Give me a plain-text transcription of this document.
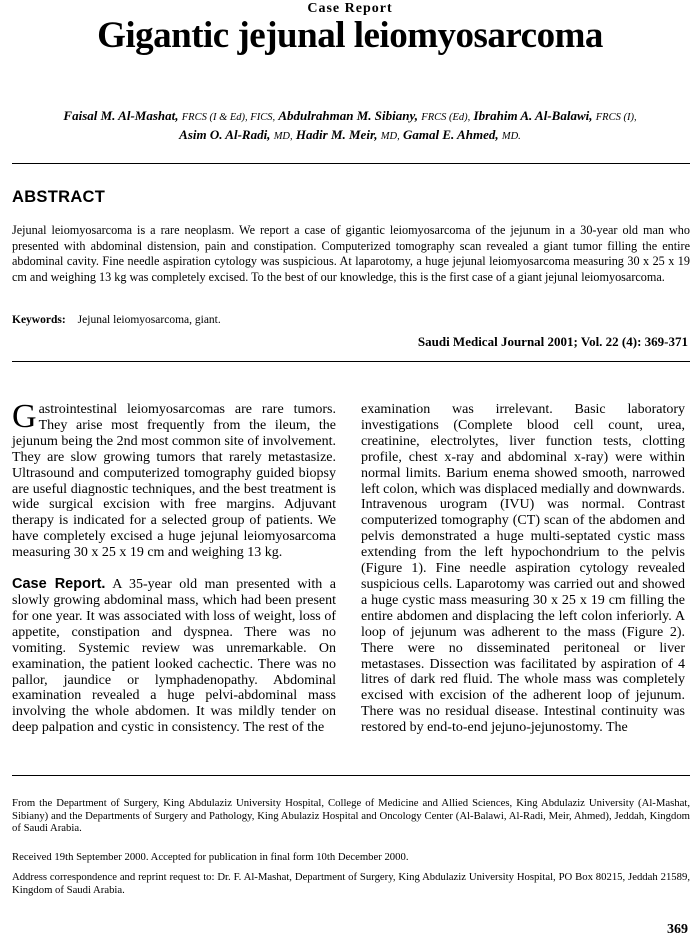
Case Report
Gigantic jejunal leiomyosarcoma
Faisal M. Al-Mashat, FRCS (I & Ed), FICS, Abdulrahman M. Sibiany, FRCS (Ed), Ibrahim A. Al-Balawi, FRCS (I),
Asim O. Al-Radi, MD, Hadir M. Meir, MD, Gamal E. Ahmed, MD.
ABSTRACT
Jejunal leiomyosarcoma is a rare neoplasm. We report a case of gigantic leiomyosarcoma of the jejunum in a 30-year old man who presented with abdominal distension, pain and constipation. Computerized tomography scan revealed a giant tumor filling the entire abdominal cavity. Fine needle aspiration cytology was suspicious. At laparotomy, a huge jejunal leiomyosarcoma measuring 30 x 25 x 19 cm and weighing 13 kg was completely excised. To the best of our knowledge, this is the first case of a giant jejunal leiomyosarcoma.
Keywords: Jejunal leiomyosarcoma, giant.
Saudi Medical Journal 2001; Vol. 22 (4): 369-371

Gastrointestinal leiomyosarcomas are rare tumors. They arise most frequently from the ileum, the jejunum being the 2nd most common site of involvement. They are slow growing tumors that rarely metastasize. Ultrasound and computerized tomography guided biopsy are useful diagnostic techniques, and the best treatment is wide surgical excision with free margins. Adjuvant therapy is indicated for a selected group of patients. We have completely excised a huge jejunal leiomyosarcoma measuring 30 x 25 x 19 cm and weighing 13 kg.

Case Report. A 35-year old man presented with a slowly growing abdominal mass, which had been present for one year. It was associated with loss of weight, loss of appetite, constipation and dyspnea. There was no vomiting. Systemic review was unremarkable. On examination, the patient looked cachectic. There was no pallor, jaundice or lymphadenopathy. Abdominal examination revealed a huge pelvi-abdominal mass involving the whole abdomen. It was mildly tender on deep palpation and cystic in consistency. The rest of the

examination was irrelevant. Basic laboratory investigations (Complete blood cell count, urea, creatinine, electrolytes, liver function tests, clotting profile, chest x-ray and abdominal x-ray) were within normal limits. Barium enema showed smooth, narrowed left colon, which was displaced medially and downwards. Intravenous urogram (IVU) was normal. Contrast computerized tomography (CT) scan of the abdomen and pelvis demonstrated a huge multi-septated cystic mass extending from the left hypochondrium to the pelvis (Figure 1). Fine needle aspiration cytology revealed suspicious cells. Laparotomy was carried out and showed a huge cystic mass measuring 30 x 25 x 19 cm filling the entire abdomen and displacing the left colon inferiorly. A loop of jejunum was adherent to the mass (Figure 2). There were no disseminated peritoneal or liver metastases. Dissection was facilitated by aspiration of 4 litres of dark red fluid. The whole mass was completely excised with excision of the adherent loop of jejunum. There was no residual disease. Intestinal continuity was restored by end-to-end jejuno-jejunostomy. The

From the Department of Surgery, King Abdulaziz University Hospital, College of Medicine and Allied Sciences, King Abdulaziz University (Al-Mashat, Sibiany) and the Departments of Surgery and Pathology, King Abulaziz Hospital and Oncology Center (Al-Balawi, Al-Radi, Meir, Ahmed), Jeddah, Kingdom of Saudi Arabia.
Received 19th September 2000. Accepted for publication in final form 10th December 2000.
Address correspondence and reprint request to: Dr. F. Al-Mashat, Department of Surgery, King Abdulaziz University Hospital, PO Box 80215, Jeddah 21589, Kingdom of Saudi Arabia.
369
